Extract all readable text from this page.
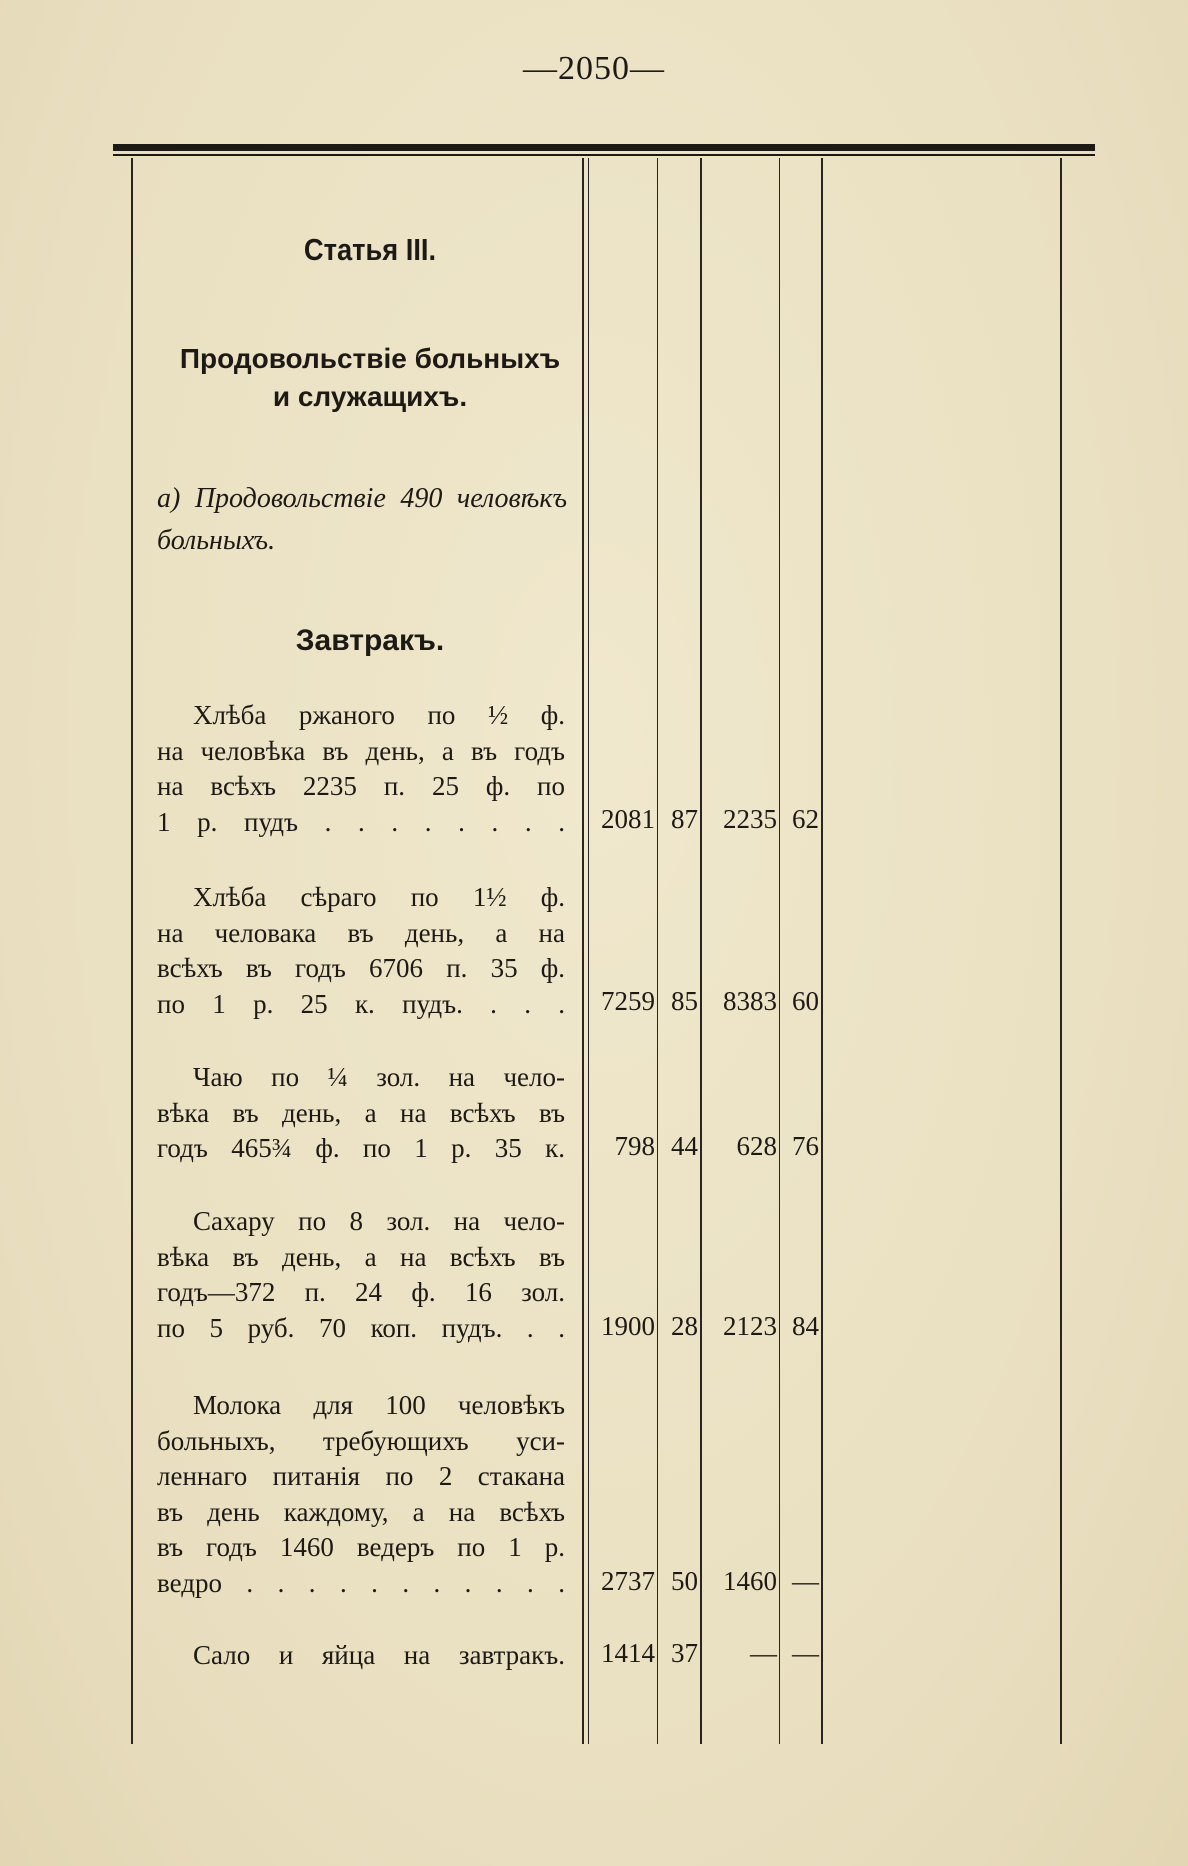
—2050—
Статья III.
Продовольствіе больныхъ
и служащихъ.
а) Продовольствіе 490 человѣкъ больныхъ.
Завтракъ.
Хлѣба ржаного по ½ ф.
на человѣка въ день, а въ годъ
на всѣхъ 2235 п. 25 ф. по
1 р. пудъ . . . . . . . .	2081 87 2235 62
Хлѣба сѣраго по 1½ ф.
на человака въ день, а на
всѣхъ въ годъ 6706 п. 35 ф.
по 1 р. 25 к. пудъ. . . .	7259 85 8383 60
Чаю по ¼ зол. на чело-
вѣка въ день, а на всѣхъ въ
годъ 465¾ ф. по 1 р. 35 к.	798 44	628 76
Сахару по 8 зол. на чело-
вѣка въ день, а на всѣхъ въ
годъ—372 п. 24 ф. 16 зол.
по 5 руб. 70 коп. пудъ. . .	1900 28 2123 84
Молока для 100 человѣкъ
больныхъ, требующихъ уси-
леннаго питанія по 2 стакана
въ день каждому, а на всѣхъ
въ годъ 1460 ведеръ по 1 р.
ведро . . . . . . . . . . .	2737 50 1460 —
Сало и яйца на завтракъ.	1414 37	— —
